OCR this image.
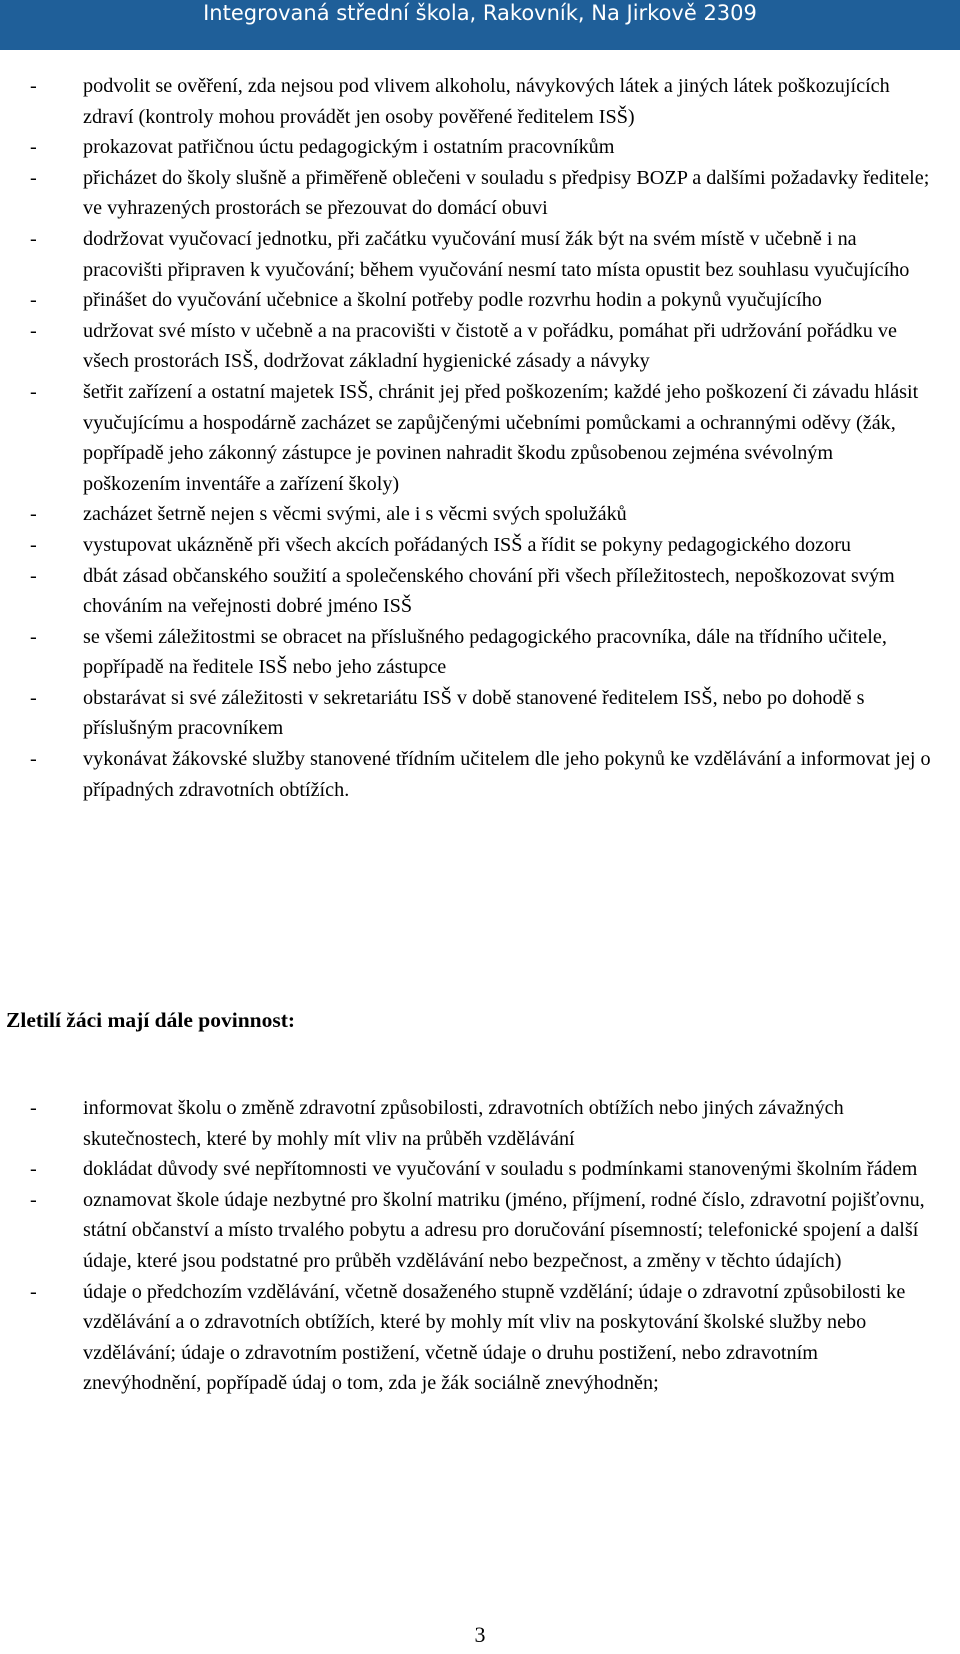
Integrovaná střední škola, Rakovník, Na Jirkově 2309
- podvolit se ověření, zda nejsou pod vlivem alkoholu, návykových látek a jiných látek poškozujících zdraví (kontroly mohou provádět jen osoby pověřené ředitelem ISŠ)
- prokazovat patřičnou úctu pedagogickým i ostatním pracovníkům
- přicházet do školy slušně a přiměřeně oblečeni v souladu s předpisy BOZP a dalšími požadavky ředitele; ve vyhrazených prostorách se přezouvat do domácí obuvi
- dodržovat vyučovací jednotku, při začátku vyučování musí žák být na svém místě v učebně i na pracovišti připraven k vyučování; během vyučování nesmí tato místa opustit bez souhlasu vyučujícího
- přinášet do vyučování učebnice a školní potřeby podle rozvrhu hodin a pokynů vyučujícího
- udržovat své místo v učebně a na pracovišti v čistotě a v pořádku, pomáhat při udržování pořádku ve všech prostorách ISŠ, dodržovat základní hygienické zásady a návyky
- šetřit zařízení a ostatní majetek ISŠ, chránit jej před poškozením; každé jeho poškození či závadu hlásit vyučujícímu a hospodárně zacházet se zapůjčenými učebními pomůckami a ochrannými oděvy (žák, popřípadě jeho zákonný zástupce je povinen nahradit škodu způsobenou zejména svévolným poškozením inventáře a zařízení školy)
- zacházet šetrně nejen s věcmi svými, ale i s věcmi svých spolužáků
- vystupovat ukázněně při všech akcích pořádaných ISŠ a řídit se pokyny pedagogického dozoru
- dbát zásad občanského soužití a společenského chování při všech příležitostech, nepoškozovat svým chováním na veřejnosti dobré jméno ISŠ
- se všemi záležitostmi se obracet na příslušného pedagogického pracovníka, dále na třídního učitele, popřípadě na ředitele ISŠ nebo jeho zástupce
- obstarávat si své záležitosti v sekretariátu ISŠ v době stanovené ředitelem ISŠ, nebo po dohodě s příslušným pracovníkem
- vykonávat žákovské služby stanovené třídním učitelem dle jeho pokynů ke vzdělávání a informovat jej o případných zdravotních obtížích.
Zletilí žáci mají dále povinnost:
- informovat školu o změně zdravotní způsobilosti, zdravotních obtížích nebo jiných závažných skutečnostech, které by mohly mít vliv na průběh vzdělávání
- dokládat důvody své nepřítomnosti ve vyučování v souladu s podmínkami stanovenými školním řádem
- oznamovat škole údaje nezbytné pro školní matriku (jméno, příjmení, rodné číslo, zdravotní pojišťovnu, státní občanství a místo trvalého pobytu a adresu pro doručování písemností; telefonické spojení a další údaje, které jsou podstatné pro průběh vzdělávání nebo bezpečnost, a změny v těchto údajích)
- údaje o předchozím vzdělávání, včetně dosaženého stupně vzdělání; údaje o zdravotní způsobilosti ke vzdělávání a o zdravotních obtížích, které by mohly mít vliv na poskytování školské služby nebo vzdělávání; údaje o zdravotním postižení, včetně údaje o druhu postižení, nebo zdravotním znevýhodnění, popřípadě údaj o tom, zda je žák sociálně znevýhodněn;
3
